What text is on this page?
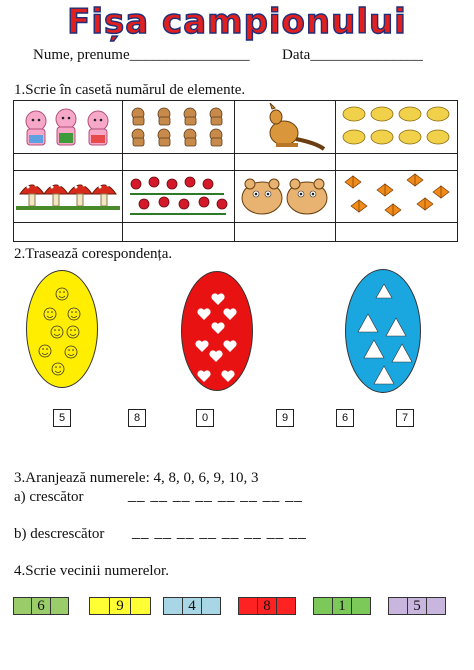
Fișa campionului
Nume, prenume________________ Data_______________
1.Scrie în casetă numărul de elemente.
2.Trasează corespondența.
5	8	0	9	6	7
3.Aranjează numerele: 4, 8, 0, 6, 9, 10, 3
a) crescător	__ __ __ __ __ __ __ __
b) descrescător __ __ __ __ __ __ __ __
4.Scrie vecinii numerelor.
6	9	4	8	1	5
